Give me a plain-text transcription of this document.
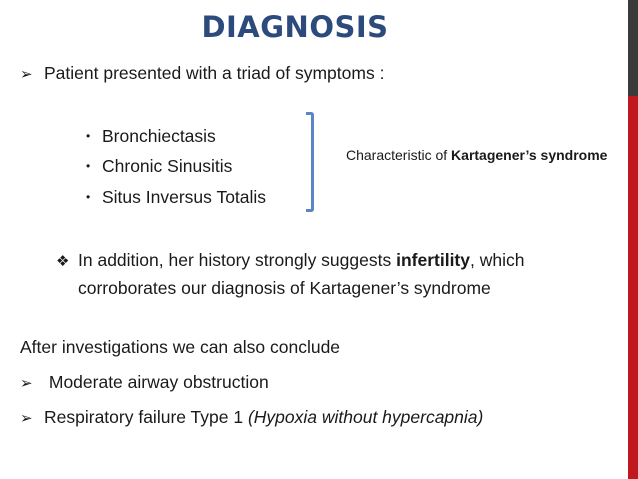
DIAGNOSIS
➢ Patient presented with a triad of symptoms :
• Bronchiectasis
• Chronic Sinusitis
• Situs Inversus Totalis
Characteristic of Kartagener’s syndrome
❖ In addition, her history strongly suggests infertility, which
corroborates our diagnosis of Kartagener’s syndrome
After investigations we can also conclude
➢ Moderate airway obstruction
➢ Respiratory failure Type 1 (Hypoxia without hypercapnia)
